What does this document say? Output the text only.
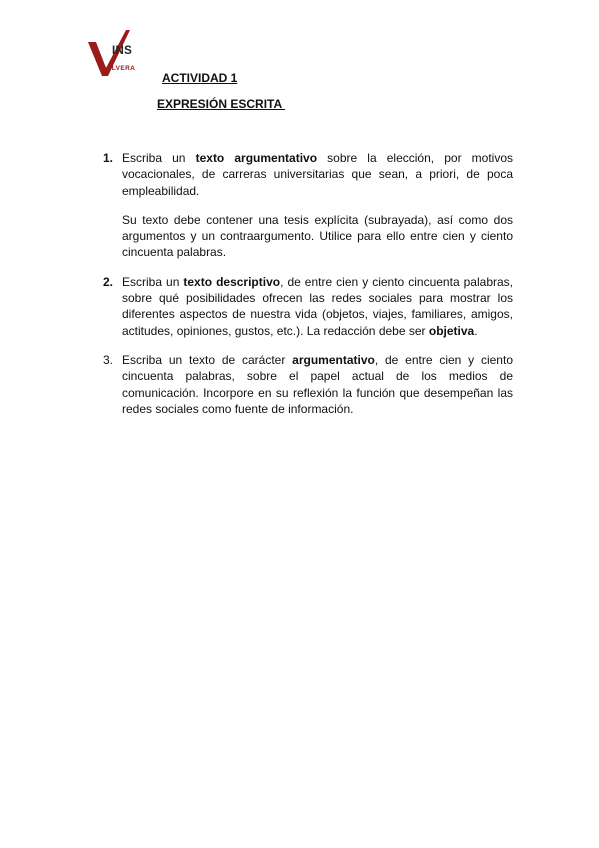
INS
VALLVERA
ACTIVIDAD 1
EXPRESIÓN ESCRITA
1. Escriba un texto argumentativo sobre la elección, por motivos vocacionales, de carreras universitarias que sean, a priori, de poca empleabilidad.

Su texto debe contener una tesis explícita (subrayada), así como dos argumentos y un contraargumento. Utilice para ello entre cien y ciento cincuenta palabras.

2. Escriba un texto descriptivo, de entre cien y ciento cincuenta palabras, sobre qué posibilidades ofrecen las redes sociales para mostrar los diferentes aspectos de nuestra vida (objetos, viajes, familiares, amigos, actitudes, opiniones, gustos, etc.). La redacción debe ser objetiva.

3. Escriba un texto de carácter argumentativo, de entre cien y ciento cincuenta palabras, sobre el papel actual de los medios de comunicación. Incorpore en su reflexión la función que desempeñan las redes sociales como fuente de información.
